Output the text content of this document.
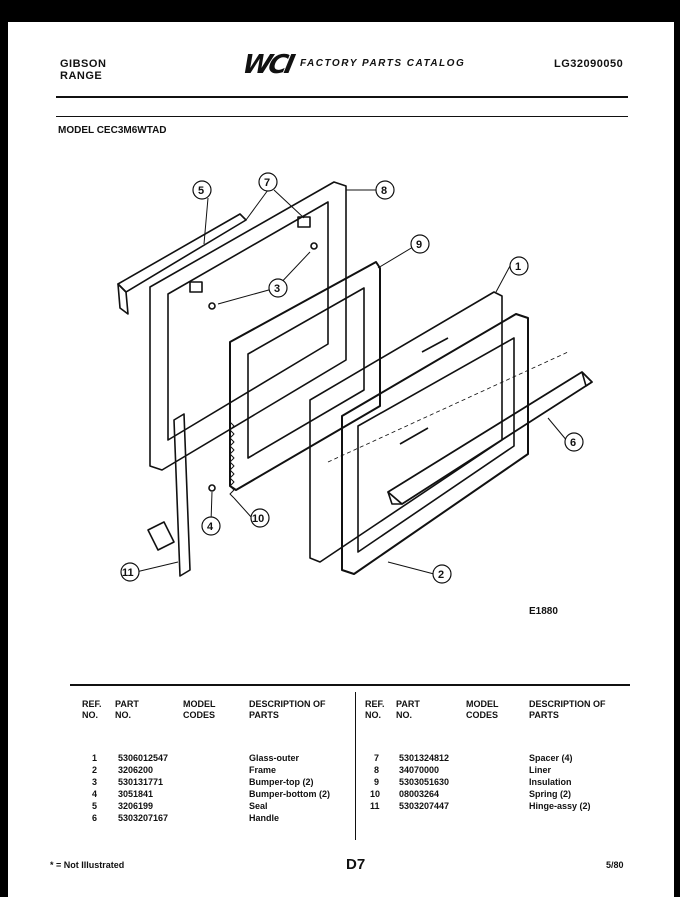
GIBSON
RANGE	WCI FACTORY PARTS CATALOG	LG32090050
MODEL CEC3M6WTAD
5
7
8
9
3
1
6
4
10
11	2
E1880
REF. NO.
PART NO.
MODEL CODES
DESCRIPTION OF PARTS
REF. NO.
PART NO.
MODEL CODES
DESCRIPTION OF PARTS
1 5306012547	Glass-outer
2 3206200	Frame
3 530131771	Bumper-top (2)
4 3051841	Bumper-bottom (2)
5 3206199	Seal
6 5303207167	Handle
7 5301324812	Spacer (4)
8 34070000	Liner
9 5303051630	Insulation
10 08003264	Spring (2)
11 5303207447	Hinge-assy (2)
* = Not Illustrated	D7	5/80
